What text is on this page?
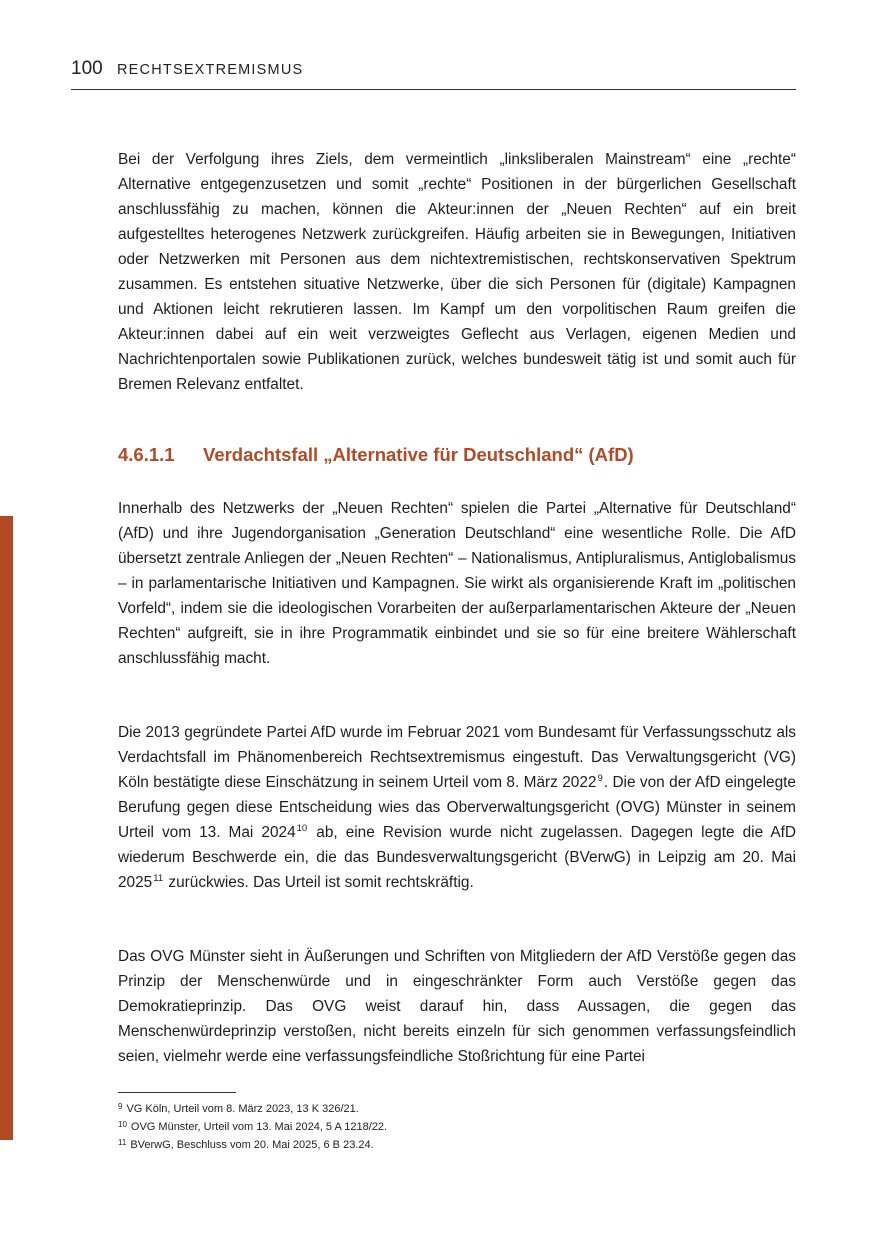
100 RECHTSEXTREMISMUS

Bei der Verfolgung ihres Ziels, dem vermeintlich „linksliberalen Mainstream“ eine „rechte“ Alternative entgegenzusetzen und somit „rechte“ Positionen in der bürgerlichen Gesellschaft anschlussfähig zu machen, können die Akteur:innen der „Neuen Rechten“ auf ein breit aufgestelltes heterogenes Netzwerk zurückgreifen. Häufig arbeiten sie in Bewegungen, Initiativen oder Netzwerken mit Personen aus dem nichtextremistischen, rechtskonservativen Spektrum zusammen. Es entstehen situative Netzwerke, über die sich Personen für (digitale) Kampagnen und Aktionen leicht rekrutieren lassen. Im Kampf um den vorpolitischen Raum greifen die Akteur:innen dabei auf ein weit verzweigtes Geflecht aus Verlagen, eigenen Medien und Nachrichtenportalen sowie Publikationen zurück, welches bundesweit tätig ist und somit auch für Bremen Relevanz entfaltet.

4.6.1.1 Verdachtsfall „Alternative für Deutschland“ (AfD)

Innerhalb des Netzwerks der „Neuen Rechten“ spielen die Partei „Alternative für Deutschland“ (AfD) und ihre Jugendorganisation „Generation Deutschland“ eine wesentliche Rolle. Die AfD übersetzt zentrale Anliegen der „Neuen Rechten“ – Nationalismus, Antipluralismus, Antiglobalismus – in parlamentarische Initiativen und Kampagnen. Sie wirkt als organisierende Kraft im „politischen Vorfeld“, indem sie die ideologischen Vorarbeiten der außerparlamentarischen Akteure der „Neuen Rechten“ aufgreift, sie in ihre Programmatik einbindet und sie so für eine breitere Wählerschaft anschlussfähig macht.

Die 2013 gegründete Partei AfD wurde im Februar 2021 vom Bundesamt für Verfassungsschutz als Verdachtsfall im Phänomenbereich Rechtsextremismus eingestuft. Das Verwaltungsgericht (VG) Köln bestätigte diese Einschätzung in seinem Urteil vom 8. März 2022$^9$. Die von der AfD eingelegte Berufung gegen diese Entscheidung wies das Oberverwaltungsgericht (OVG) Münster in seinem Urteil vom 13. Mai 2024$^{10}$ ab, eine Revision wurde nicht zugelassen. Dagegen legte die AfD wiederum Beschwerde ein, die das Bundesverwaltungsgericht (BVerwG) in Leipzig am 20. Mai 2025$^{11}$ zurückwies. Das Urteil ist somit rechtskräftig.

Das OVG Münster sieht in Äußerungen und Schriften von Mitgliedern der AfD Verstöße gegen das Prinzip der Menschenwürde und in eingeschränkter Form auch Verstöße gegen das Demokratieprinzip. Das OVG weist darauf hin, dass Aussagen, die gegen das Menschenwürdeprinzip verstoßen, nicht bereits einzeln für sich genommen verfassungsfeindlich seien, vielmehr werde eine verfassungsfeindliche Stoßrichtung für eine Partei

$^9$ VG Köln, Urteil vom 8. März 2023, 13 K 326/21.

$^{10}$ OVG Münster, Urteil vom 13. Mai 2024, 5 A 1218/22.

$^{11}$ BVerwG, Beschluss vom 20. Mai 2025, 6 B 23.24.
